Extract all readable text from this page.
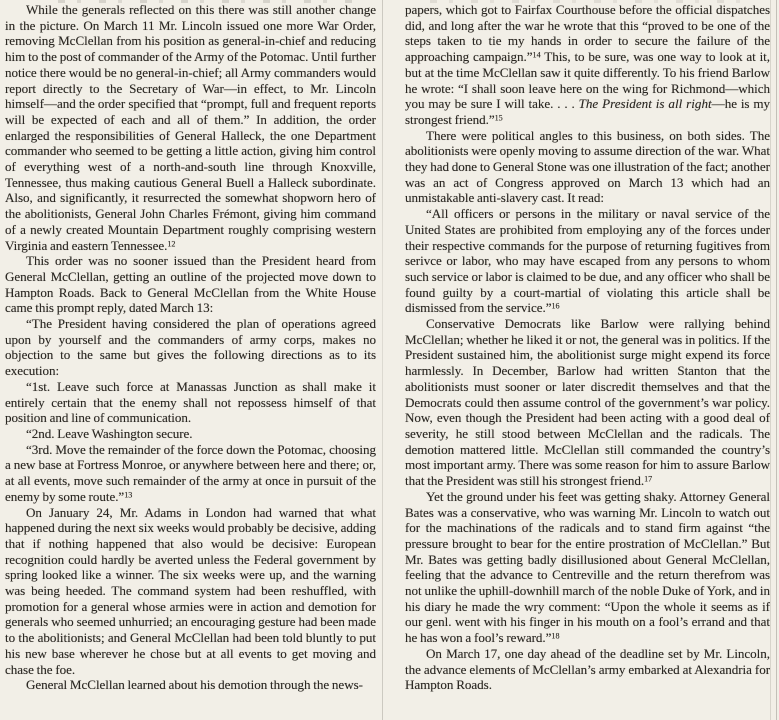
While the generals reflected on this there was still another change in the picture. On March 11 Mr. Lincoln issued one more War Order, removing McClellan from his position as general-in-chief and reducing him to the post of commander of the Army of the Potomac. Until further notice there would be no general-in-chief; all Army commanders would report directly to the Secretary of War—in effect, to Mr. Lincoln himself—and the order specified that “prompt, full and frequent reports will be expected of each and all of them.” In addition, the order enlarged the responsibilities of General Halleck, the one Department commander who seemed to be getting a little action, giving him control of everything west of a north-and-south line through Knoxville, Tennessee, thus making cautious General Buell a Halleck subordinate. Also, and significantly, it resurrected the somewhat shopworn hero of the abolitionists, General John Charles Frémont, giving him command of a newly created Mountain Department roughly comprising western Virginia and eastern Tennessee.$^{12}$

This order was no sooner issued than the President heard from General McClellan, getting an outline of the projected move down to Hampton Roads. Back to General McClellan from the White House came this prompt reply, dated March 13:

“The President having considered the plan of operations agreed upon by yourself and the commanders of army corps, makes no objection to the same but gives the following directions as to its execution:

“1st. Leave such force at Manassas Junction as shall make it entirely certain that the enemy shall not repossess himself of that position and line of communication.

“2nd. Leave Washington secure.

“3rd. Move the remainder of the force down the Potomac, choosing a new base at Fortress Monroe, or anywhere between here and there; or, at all events, move such remainder of the army at once in pursuit of the enemy by some route.”$^{13}$

On January 24, Mr. Adams in London had warned that what happened during the next six weeks would probably be decisive, adding that if nothing happened that also would be decisive: European recognition could hardly be averted unless the Federal government by spring looked like a winner. The six weeks were up, and the warning was being heeded. The command system had been reshuffled, with promotion for a general whose armies were in action and demotion for generals who seemed unhurried; an encouraging gesture had been made to the abolitionists; and General McClellan had been told bluntly to put his new base wherever he chose but at all events to get moving and chase the foe.

General McClellan learned about his demotion through the news-

papers, which got to Fairfax Courthouse before the official dispatches did, and long after the war he wrote that this “proved to be one of the steps taken to tie my hands in order to secure the failure of the approaching campaign.”$^{14}$ This, to be sure, was one way to look at it, but at the time McClellan saw it quite differently. To his friend Barlow he wrote: “I shall soon leave here on the wing for Richmond—which you may be sure I will take. . . . The President is all right—he is my strongest friend.”$^{15}$

There were political angles to this business, on both sides. The abolitionists were openly moving to assume direction of the war. What they had done to General Stone was one illustration of the fact; another was an act of Congress approved on March 13 which had an unmistakable anti-slavery cast. It read:

“All officers or persons in the military or naval service of the United States are prohibited from employing any of the forces under their respective commands for the purpose of returning fugitives from serivce or labor, who may have escaped from any persons to whom such service or labor is claimed to be due, and any officer who shall be found guilty by a court-martial of violating this article shall be dismissed from the service.”$^{16}$

Conservative Democrats like Barlow were rallying behind McClellan; whether he liked it or not, the general was in politics. If the President sustained him, the abolitionist surge might expend its force harmlessly. In December, Barlow had written Stanton that the abolitionists must sooner or later discredit themselves and that the Democrats could then assume control of the government’s war policy. Now, even though the President had been acting with a good deal of severity, he still stood between McClellan and the radicals. The demotion mattered little. McClellan still commanded the country’s most important army. There was some reason for him to assure Barlow that the President was still his strongest friend.$^{17}$

Yet the ground under his feet was getting shaky. Attorney General Bates was a conservative, who was warning Mr. Lincoln to watch out for the machinations of the radicals and to stand firm against “the pressure brought to bear for the entire prostration of McClellan.” But Mr. Bates was getting badly disillusioned about General McClellan, feeling that the advance to Centreville and the return therefrom was not unlike the uphill-downhill march of the noble Duke of York, and in his diary he made the wry comment: “Upon the whole it seems as if our genl. went with his finger in his mouth on a fool’s errand and that he has won a fool’s reward.”$^{18}$

On March 17, one day ahead of the deadline set by Mr. Lincoln, the advance elements of McClellan’s army embarked at Alexandria for Hampton Roads.
